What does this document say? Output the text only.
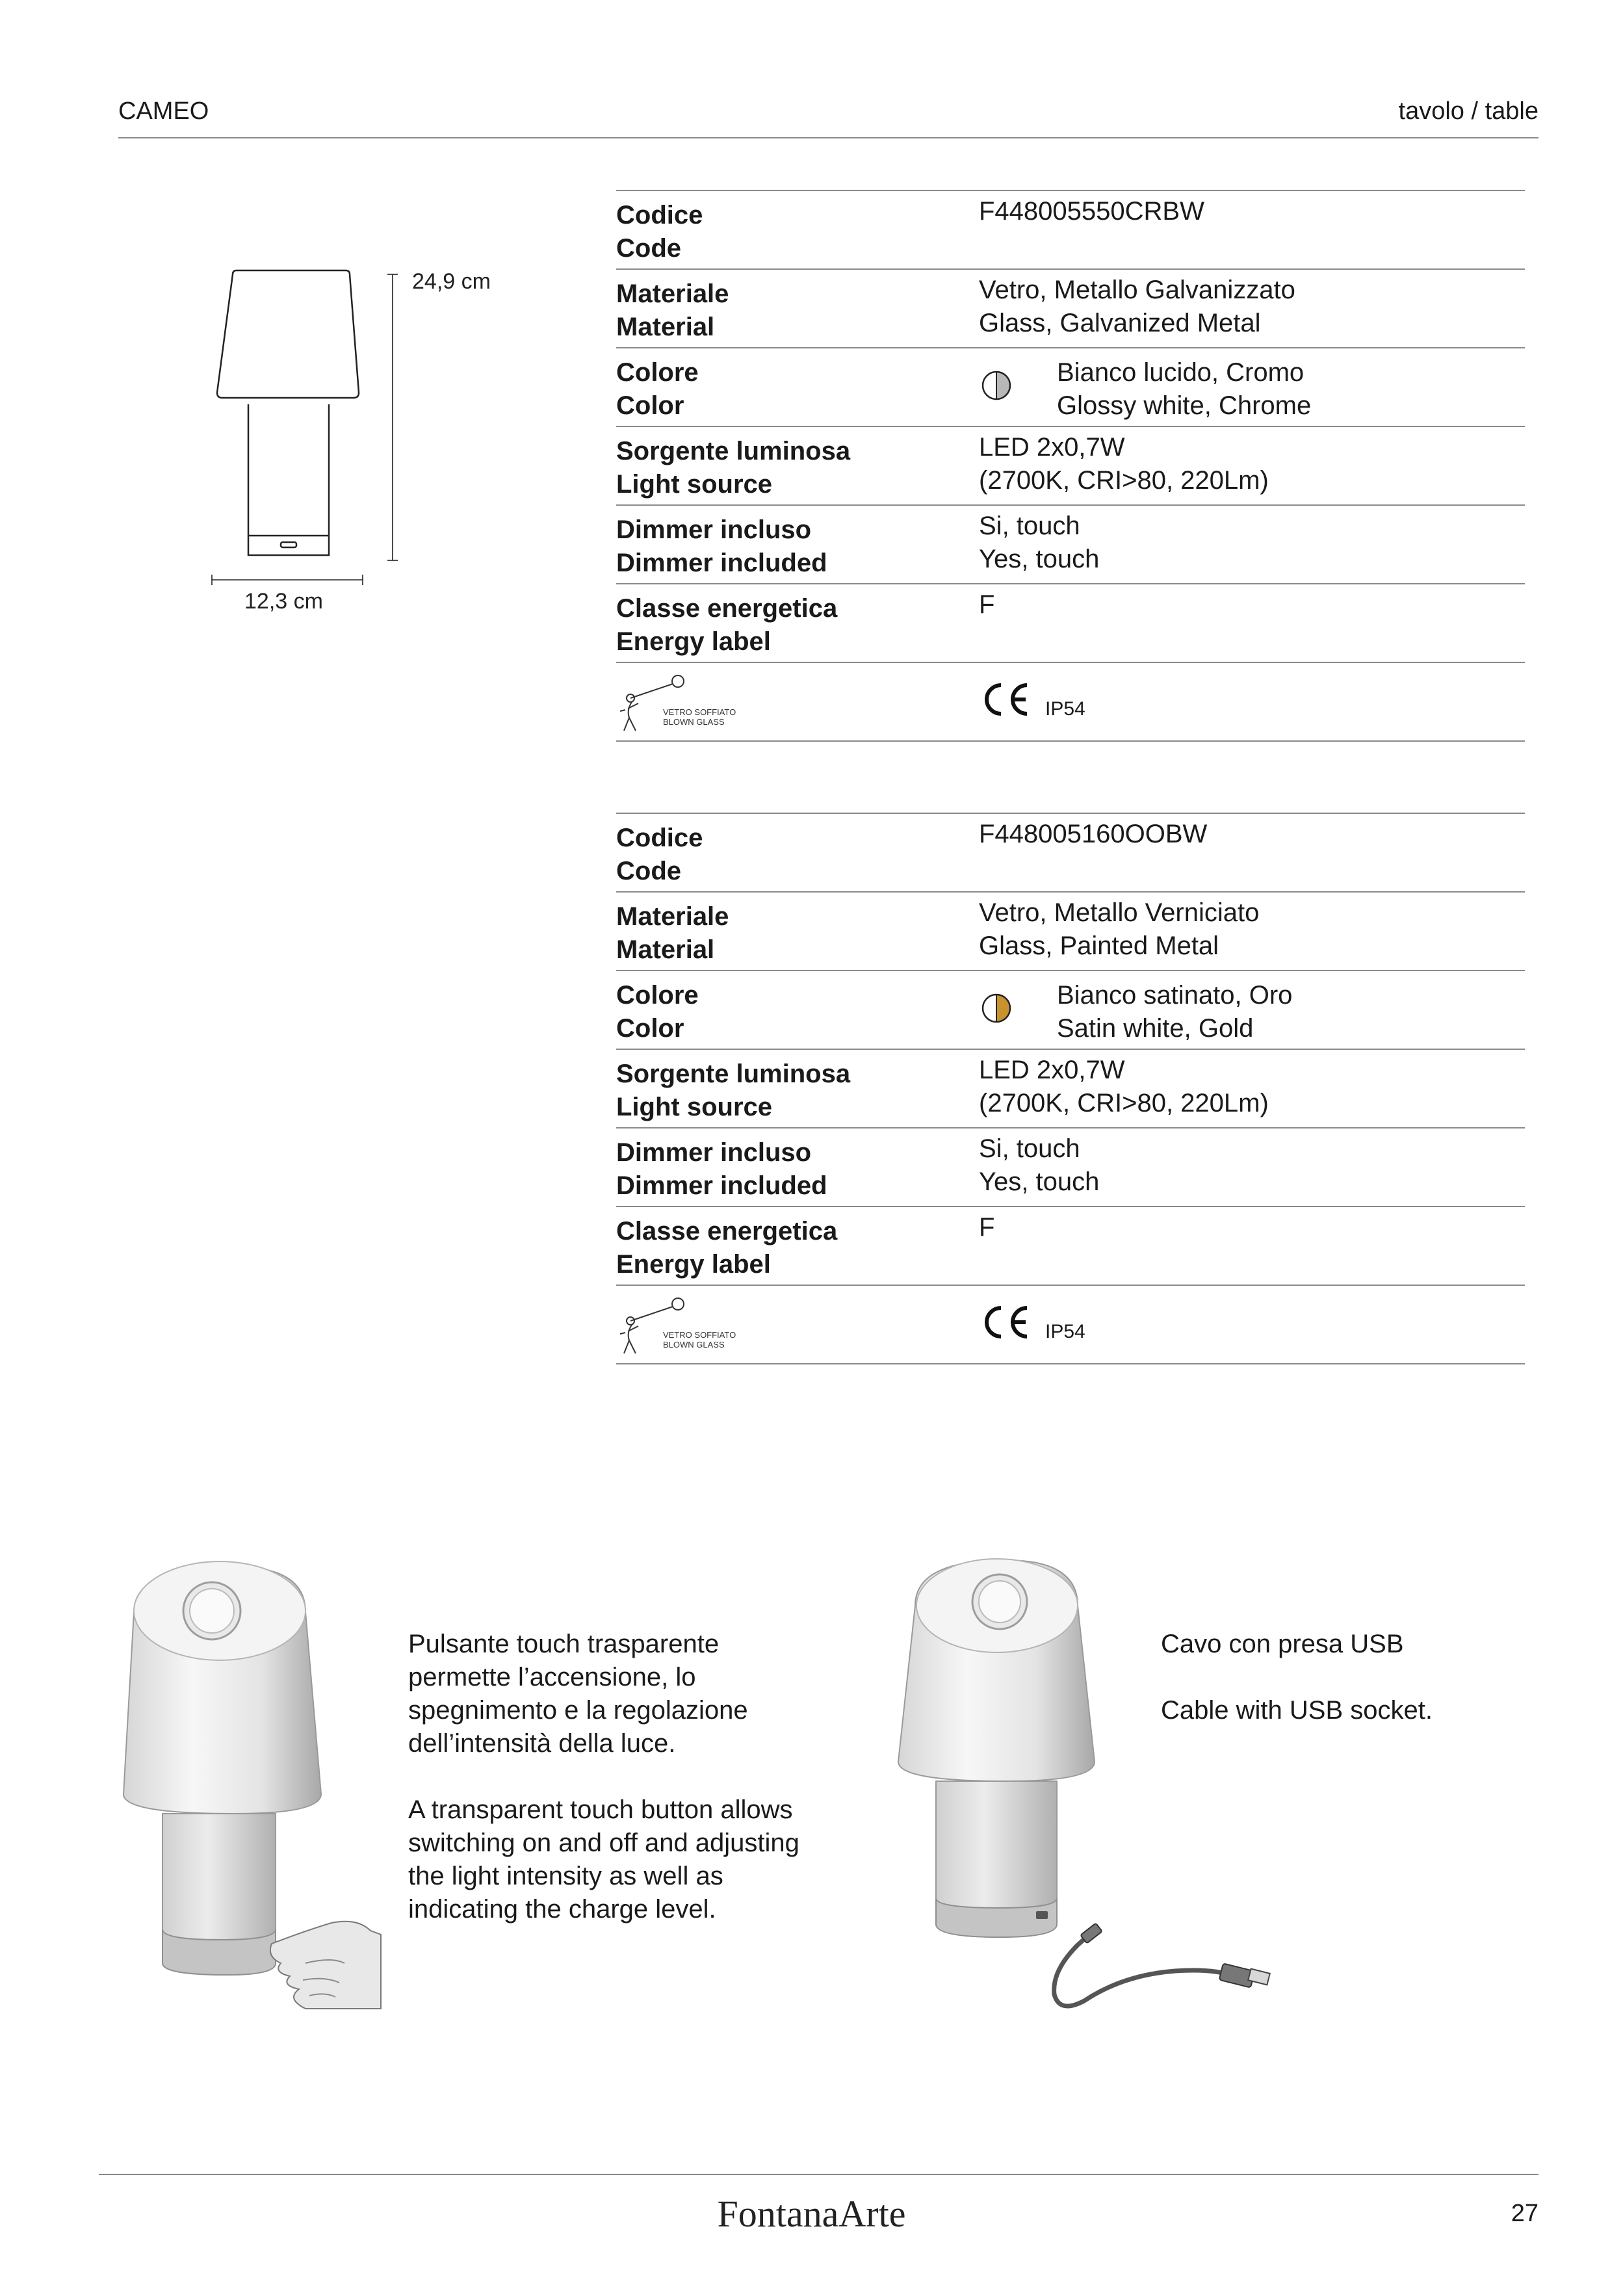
CAMEO	tavolo / table
24,9 cm
12,3 cm
Codice
Code
F448005550CRBW
Materiale
Material
Vetro, Metallo Galvanizzato
Glass, Galvanized Metal
Colore
Color
Bianco lucido, Cromo
Glossy white, Chrome
Sorgente luminosa
Light source
LED 2x0,7W
(2700K, CRI>80, 220Lm)
Dimmer incluso
Dimmer included
Si, touch
Yes, touch
Classe energetica
Energy label
F
VETRO SOFFIATO
BLOWN GLASS
IP54
Codice
Code
F448005160OOBW
Materiale
Material
Vetro, Metallo Verniciato
Glass, Painted Metal
Colore
Color
Bianco satinato, Oro
Satin white, Gold
Sorgente luminosa
Light source
LED 2x0,7W
(2700K, CRI>80, 220Lm)
Dimmer incluso
Dimmer included
Si, touch
Yes, touch
Classe energetica
Energy label
F
VETRO SOFFIATO
BLOWN GLASS
IP54
Pulsante touch trasparente
permette l’accensione, lo
spegnimento e la regolazione
dell’intensità della luce.
A transparent touch button allows
switching on and off and adjusting
the light intensity as well as
indicating the charge level.
Cavo con presa USB
Cable with USB socket.
FontanaArte	27
